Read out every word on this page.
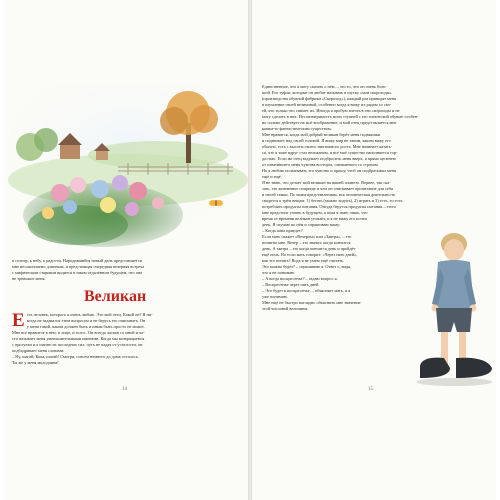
к солнцу, к небу, к радости. Народившийся новый день представляется
мне несокончаемо длинным, и предстоящая очередная вечерняя встреча
с мифическим стариком видится в таком отдалённом будущем, что она
не тревожит меня.
Великан
Е сть человек, которого я очень люблю. Это мой отец. Какой он? Я ни-
когда не задавался этим вопросом и не берусь его описывать. Он
у меня такой, каким должен быть и иным быть просто не может.
Мне всё нравится в нём: и лицо, и голос. Он всегда ласков со мной и ча-
сто называет меня уменьшительными именами. Когда мы возвращаемся
с прогулки и я шагаю из последних сил, чуть не падая от усталости, он
подбадривает меня словами:
– Ну, шагай, Кока, шагай! Смотри, совсем немного до дома осталось.
Ты же у меня молодчина!
14
Единственное, что я могу сказать о нём, – это то, что он очень боль-
шой. Его туфли, которые он любит называть в шутку «мои скороходы»
(производства обувной фабрики «Скороход»), каждый раз приводят меня
в изумление своей величиной, особенно когда я вижу их рядом со сво-
ей, кто только что снимет их. Иногда я пробую влезть в эти скороходы и не
могу сделать в них. Несоизмеримость моих ступней с его гигантской обувью особен-
но сильно действует на моё воображение, и мой отец представляется мне
каким-то фантастическим существом.
Мне нравится, когда мой добрый великан берёт меня подмышки
и поднимает над своей головой. Я вижу мир не таким, каким вижу его
обычно, есть с высоты своего ничтожного роста. Мне начинает казать-
ся, что я тоже вдруг стал великаном, и всё моё существо наполняется гор-
достью. Если же отец вздумает подбросить меня вверх, я прямо цепенею
от охватившего меня чувства восторга, смешанного со страхом.
Но я люблю испытывать это чувство и прошу, чтоб он подбрасывал меня
ещё и ещё.
Я не знаю, что делает мой великан на нашей планете. Вернее, так ска-
зать, это жизненное поприще и чем он снискивает пропитание для себя
и своей семьи. По моим представлениям, вся человеческая деятельность
сводится к трём вещам: 1) бегать (можно ходить), 2) играть и 3) есть, то есть
потреблять продукты питания. Откуда берутся продукты питания – этого
мне предстоит узнать в будущем, а пока я знаю лишь, что
время от времени великан уезжает, и я не вижу его почти
день. Я скучаю по нём и спрашиваю маму:
– Когда папа приедет?
Если мать скажет «Вечером» или «Завтра», – это
понятно мне. Вечер – это значит, когда кончится
день. А завтра – это когда кончится день и пройдёт
ещё ночь. Но если мать говорит: «Через пять дней»,
как это понять? Вода я не умею ещё считать.
Это можно будет? – спрашиваю я. Ответ о, видя,
что я не понимаю.
– А когда воскресенье? – задаю вопрос я.
– Воскресенье через пять дней.
– Это будет в воскресенье, – объясняет мать, и я
уже понимаю.
Мне ещё не быстро наглядно объяснить мне значение
этой числовой величины.
15
